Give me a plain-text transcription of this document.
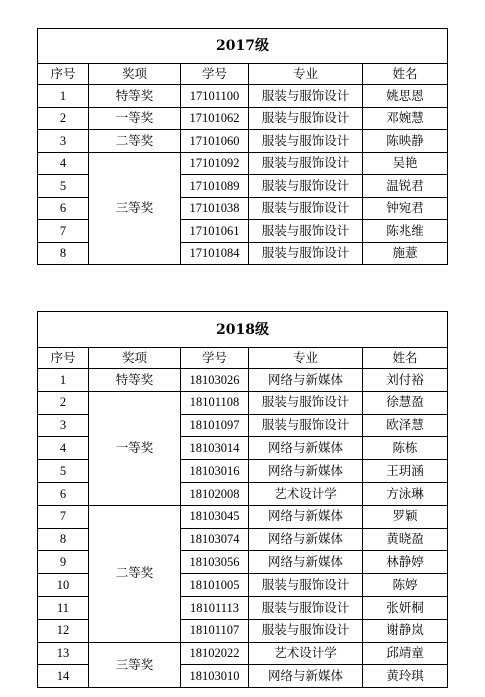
2017级				
序号	奖项	学号	专业	姓名
1	特等奖	17101100	服装与服饰设计	姚思恩
2	一等奖	17101062	服装与服饰设计	邓婉慧
3	二等奖	17101060	服装与服饰设计	陈映静
4	三等奖	17101092	服装与服饰设计	吴艳
5		17101089	服装与服饰设计	温锐君
6		17101038	服装与服饰设计	钟宛君
7		17101061	服装与服饰设计	陈兆维
8		17101084	服装与服饰设计	施薏
2018级				
序号	奖项	学号	专业	姓名
1	特等奖	18103026	网络与新媒体	刘付裕
2	一等奖	18101108	服装与服饰设计	徐慧盈
3		18101097	服装与服饰设计	欧泽慧
4		18103014	网络与新媒体	陈栋
5		18103016	网络与新媒体	王玥涵
6		18102008	艺术设计学	方泳琳
7	二等奖	18103045	网络与新媒体	罗颖
8		18103074	网络与新媒体	黄晓盈
9		18103056	网络与新媒体	林静婷
10		18101005	服装与服饰设计	陈婷
11		18101113	服装与服饰设计	张妍桐
12		18101107	服装与服饰设计	谢静岚
13	三等奖	18102022	艺术设计学	邱靖童
14		18103010	网络与新媒体	黄玲琪
